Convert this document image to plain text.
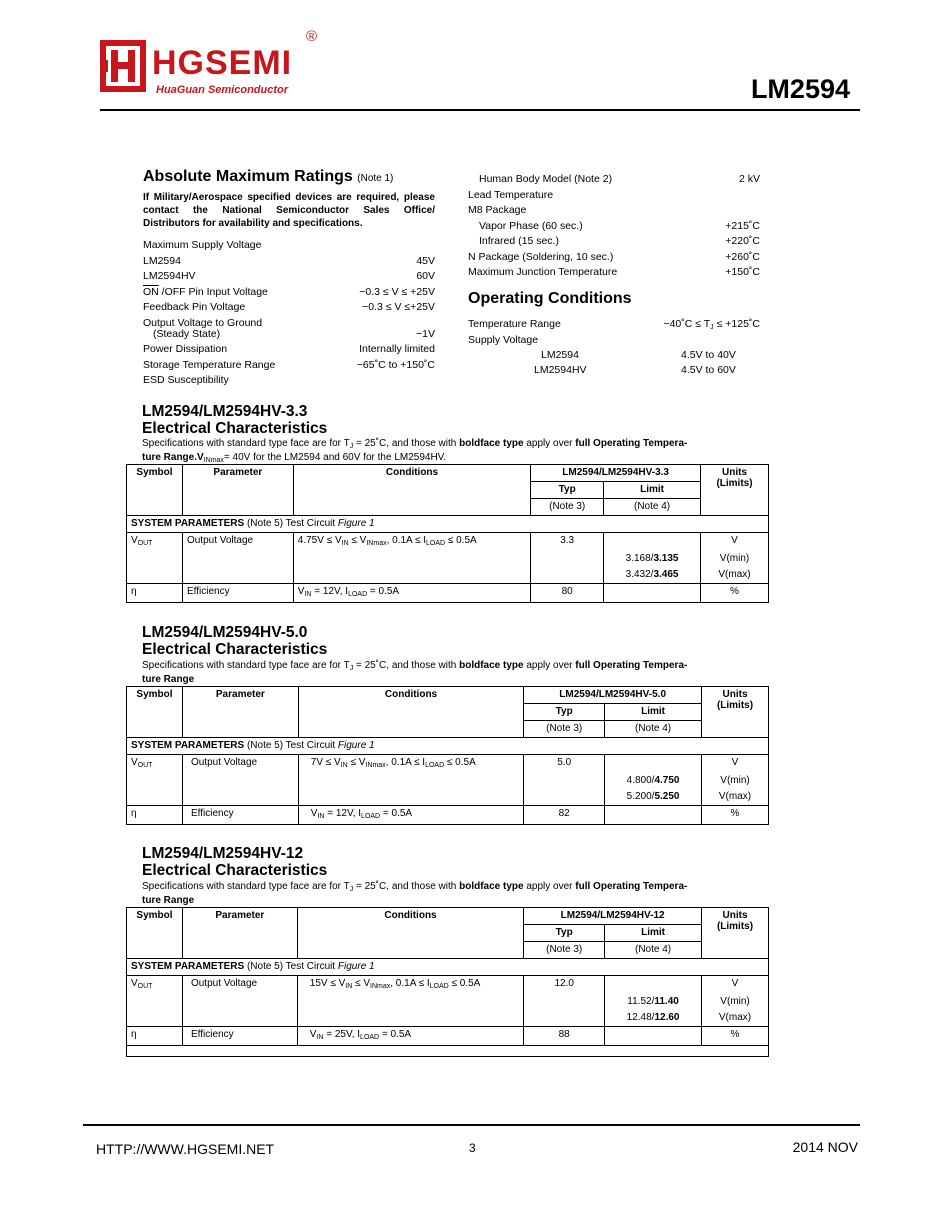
HGSEMI
HuaGuan Semiconductor
®
LM2594
Absolute Maximum Ratings (Note 1)
If Military/Aerospace specified devices are required, please contact the National Semiconductor Sales Office/ Distributors for availability and specifications.
Maximum Supply Voltage
LM2594	45V
LM2594HV	60V
$\overline{ON}$ /OFF Pin Input Voltage	−0.3 ≤ V ≤ +25V
Feedback Pin Voltage	−0.3 ≤ V ≤+25V
Output Voltage to Ground
(Steady State)	−1V
Power Dissipation	Internally limited
Storage Temperature Range	−65˚C to +150˚C
ESD Susceptibility
Human Body Model (Note 2)	2 kV
Lead Temperature
M8 Package
Vapor Phase (60 sec.)	+215˚C
Infrared (15 sec.)	+220˚C
N Package (Soldering, 10 sec.)	+260˚C
Maximum Junction Temperature	+150˚C
Operating Conditions
Temperature Range	−40˚C ≤ $T_J$ ≤ +125˚C
Supply Voltage
LM2594	4.5V to 40V
LM2594HV	4.5V to 60V
LM2594/LM2594HV-3.3
Electrical Characteristics
Specifications with standard type face are for $T_J$ = 25˚C, and those with boldface type apply over full Operating Tempera-
ture $Range.V_{INmax}= 40V$ for the LM2594 and 60V for the LM2594HV.
Symbol	Parameter	Conditions	LM2594/LM2594HV-3.3		Units
			Typ	Limit	(Limits)
			(Note 3)	(Note 4)	
SYSTEM PARAMETERS (Note 5) Test Circuit Figure 1					
$V_{OUT}$	Output Voltage	$4.75V \le V_{IN} \le V_{INmax}$, $0.1A \le I_{LOAD} \le 0.5A$	3.3		V
				3.168/3.135	V(min)
				3.432/3.465	V(max)
η	Efficiency	$V_{IN} = 12V$, $I_{LOAD} = 0.5A$	80		%
LM2594/LM2594HV-5.0
Electrical Characteristics
Specifications with standard type face are for $T_J$ = 25˚C, and those with boldface type apply over full Operating Tempera-
ture Range
Symbol	Parameter	Conditions	LM2594/LM2594HV-5.0		Units
			Typ	Limit	(Limits)
			(Note 3)	(Note 4)	
SYSTEM PARAMETERS (Note 5) Test Circuit Figure 1					
$V_{OUT}$	Output Voltage	$7V \le V_{IN} \le V_{INmax}$, $0.1A \le I_{LOAD} \le 0.5A$	5.0		V
				4.800/4.750	V(min)
				5.200/5.250	V(max)
η	Efficiency	$V_{IN} = 12V$, $I_{LOAD} = 0.5A$	82		%
LM2594/LM2594HV-12
Electrical Characteristics
Specifications with standard type face are for $T_J$ = 25˚C, and those with boldface type apply over full Operating Tempera-
ture Range
Symbol	Parameter	Conditions	LM2594/LM2594HV-12		Units
			Typ	Limit	(Limits)
			(Note 3)	(Note 4)	
SYSTEM PARAMETERS (Note 5) Test Circuit Figure 1					
$V_{OUT}$	Output Voltage	$15V \le V_{IN} \le V_{INmax}$, $0.1A \le I_{LOAD} \le 0.5A$	12.0		V
				11.52/11.40	V(min)
				12.48/12.60	V(max)
η	Efficiency	$V_{IN} = 25V$, $I_{LOAD} = 0.5A$	88		%

HTTP://WWW.HGSEMI.NET	3	2014 NOV
